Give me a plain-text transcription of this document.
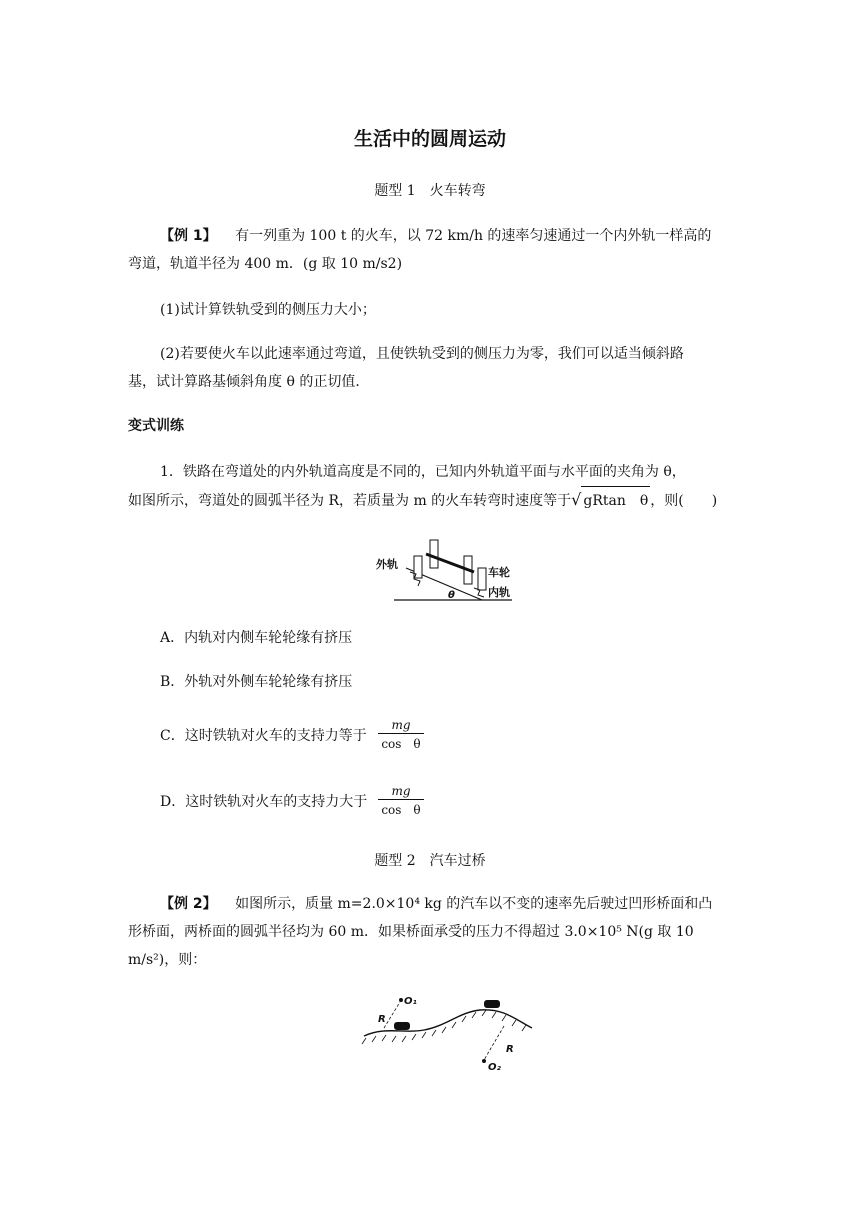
生活中的圆周运动
题型 1　火车转弯
【例 1】 有一列重为 100 t 的火车，以 72 km/h 的速率匀速通过一个内外轨一样高的
弯道，轨道半径为 400 m．(g 取 10 m/s2)
(1)试计算铁轨受到的侧压力大小；
(2)若要使火车以此速率通过弯道，且使铁轨受到的侧压力为零，我们可以适当倾斜路
基，试计算路基倾斜角度 θ 的正切值．
变式训练
1．铁路在弯道处的内外轨道高度是不同的，已知内外轨道平面与水平面的夹角为 θ，
如图所示，弯道处的圆弧半径为 R，若质量为 m 的火车转弯时速度等于√ gRtan　θ ，则(　　)
外轨
车轮
内轨
θ
A．内轨对内侧车轮轮缘有挤压
B．外轨对外侧车轮轮缘有挤压
C．这时铁轨对火车的支持力等于
mg
cos　θ
D．这时铁轨对火车的支持力大于
mg
cos　θ
题型 2　汽车过桥
【例 2】 如图所示，质量 m=2.0×10⁴ kg 的汽车以不变的速率先后驶过凹形桥面和凸
形桥面，两桥面的圆弧半径均为 60 m．如果桥面承受的压力不得超过 3.0×10⁵ N(g 取 10
m/s²)，则：
R
O₁
R
O₂
